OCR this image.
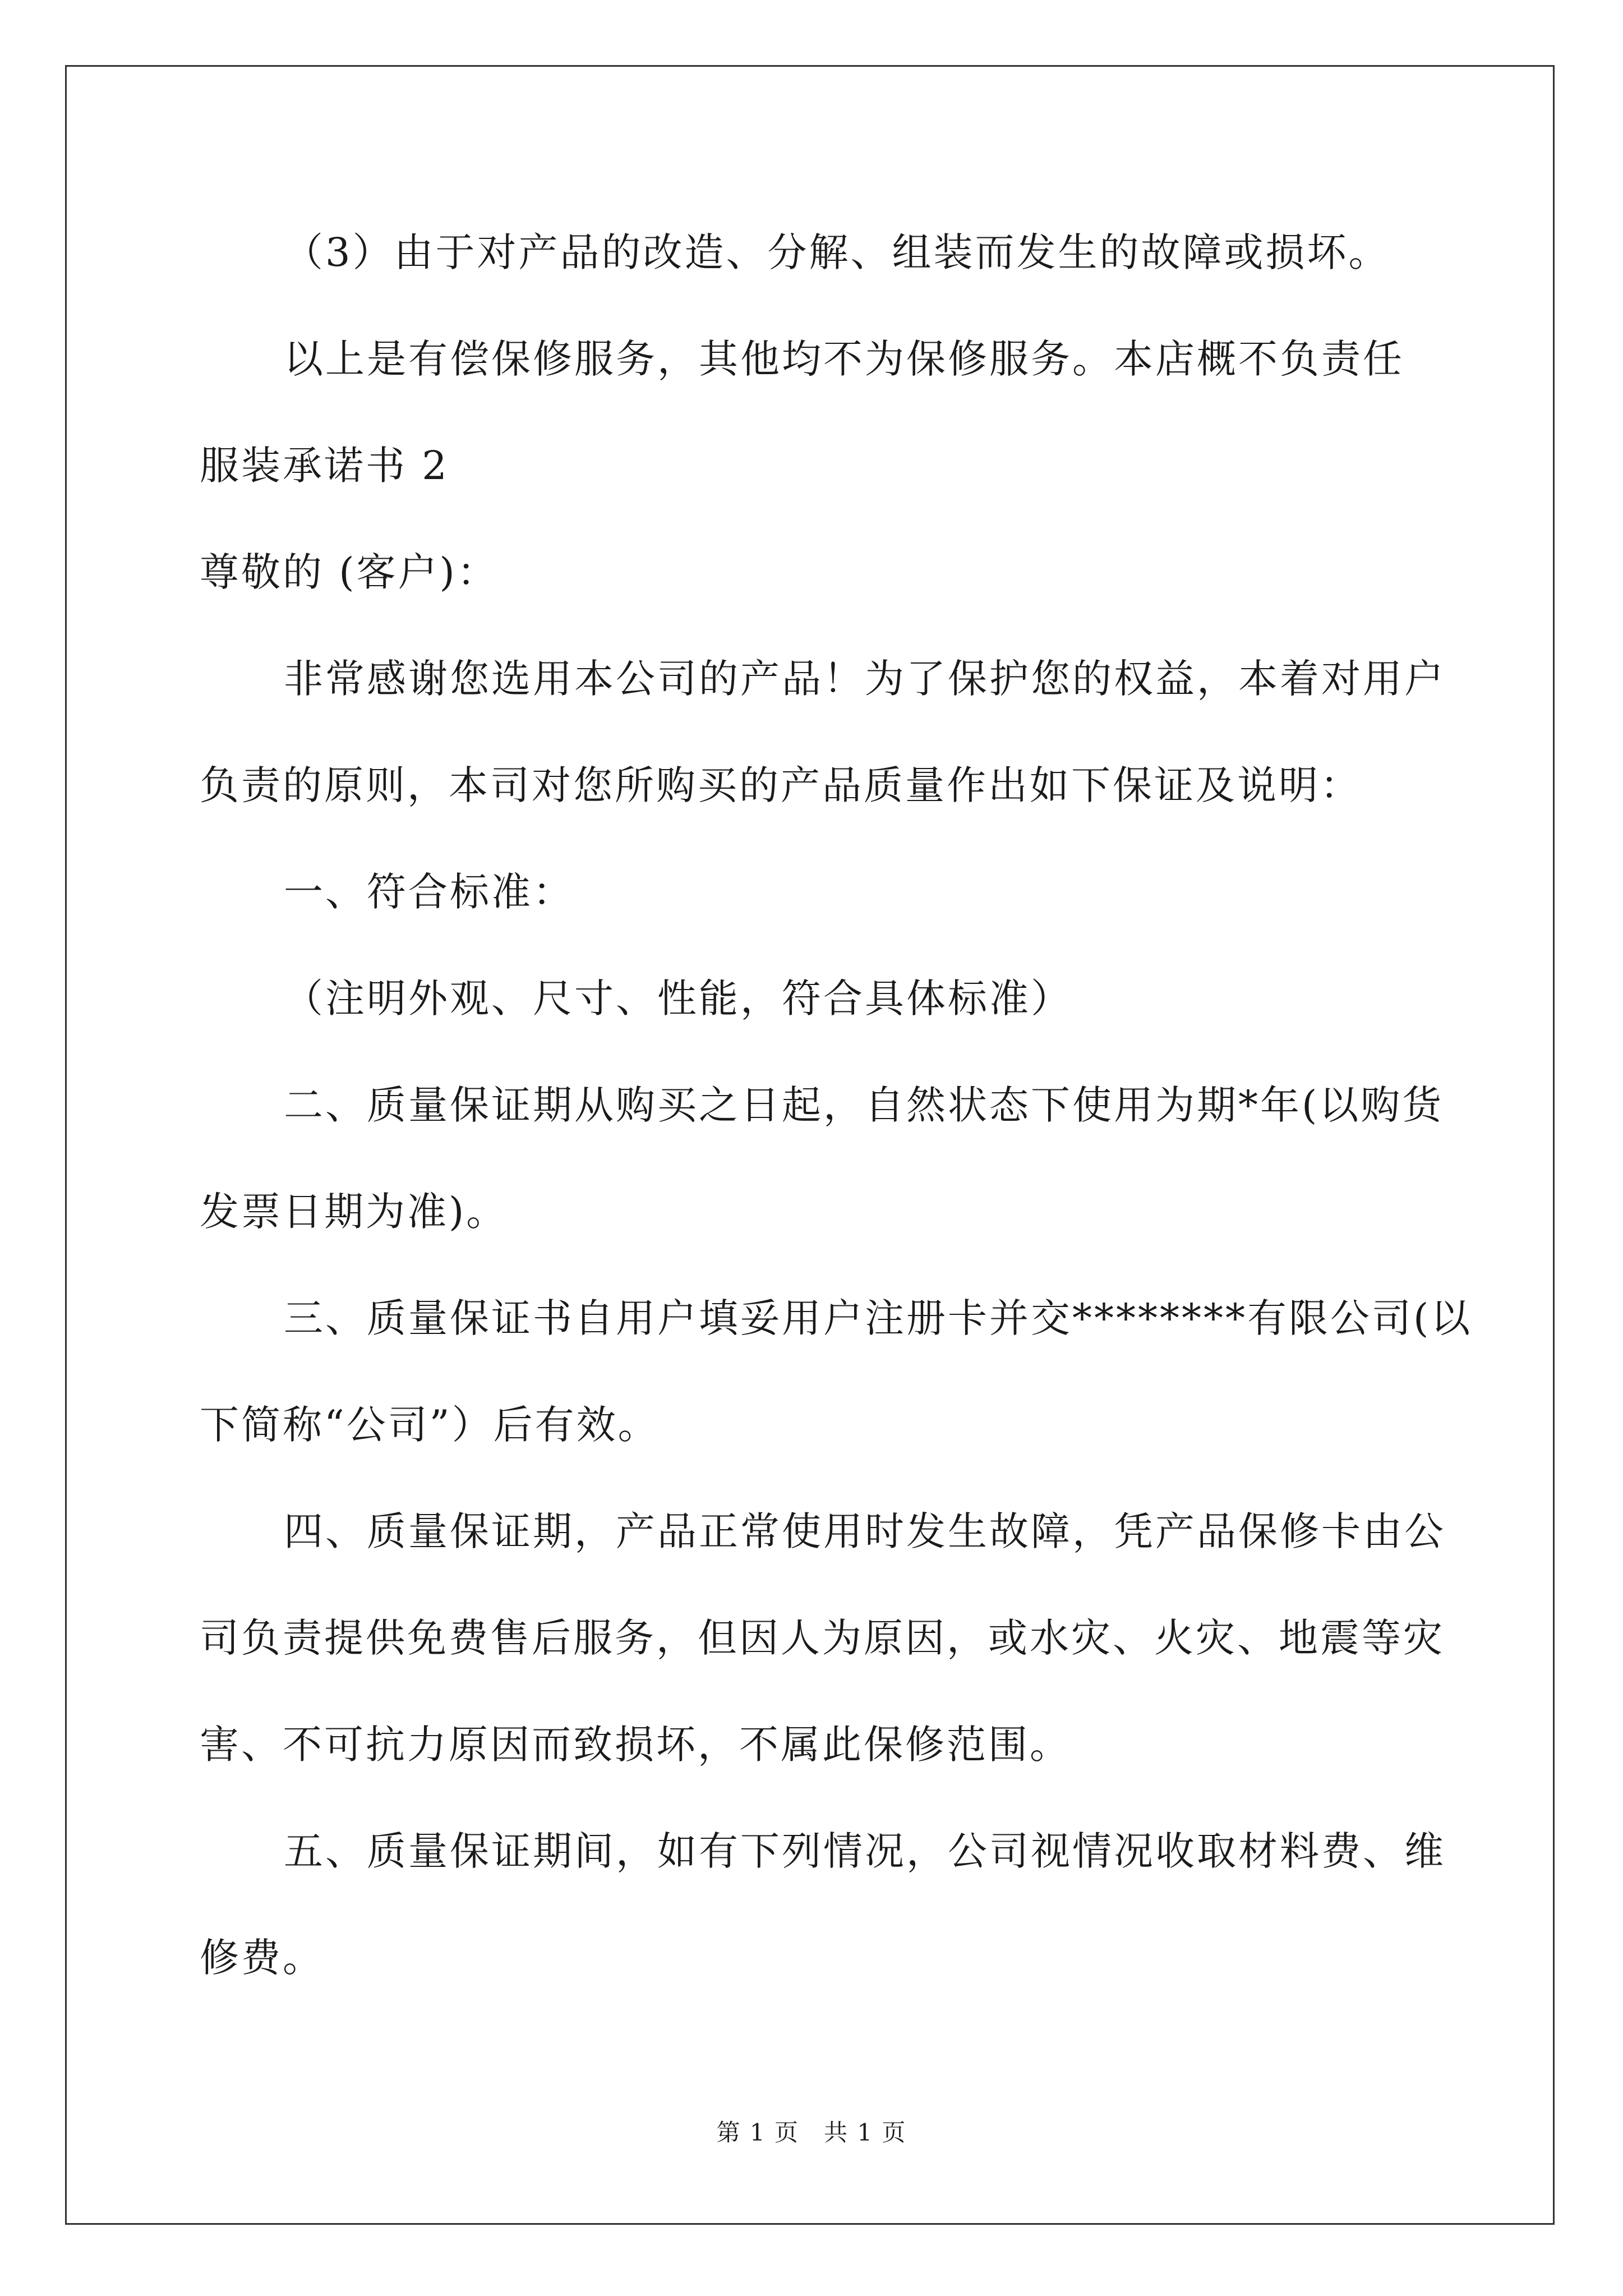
（3）由于对产品的改造、分解、组装而发生的故障或损坏。
以上是有偿保修服务，其他均不为保修服务。本店概不负责任
服装承诺书 2
尊敬的 (客户)：
非常感谢您选用本公司的产品！为了保护您的权益，本着对用户
负责的原则，本司对您所购买的产品质量作出如下保证及说明：
一、符合标准：
（注明外观、尺寸、性能，符合具体标准）
二、质量保证期从购买之日起，自然状态下使用为期*年(以购货
发票日期为准)。
三、质量保证书自用户填妥用户注册卡并交********有限公司(以
下简称“公司”）后有效。
四、质量保证期，产品正常使用时发生故障，凭产品保修卡由公
司负责提供免费售后服务，但因人为原因，或水灾、火灾、地震等灾
害、不可抗力原因而致损坏，不属此保修范围。
五、质量保证期间，如有下列情况，公司视情况收取材料费、维
修费。
第 1 页　共 1 页
